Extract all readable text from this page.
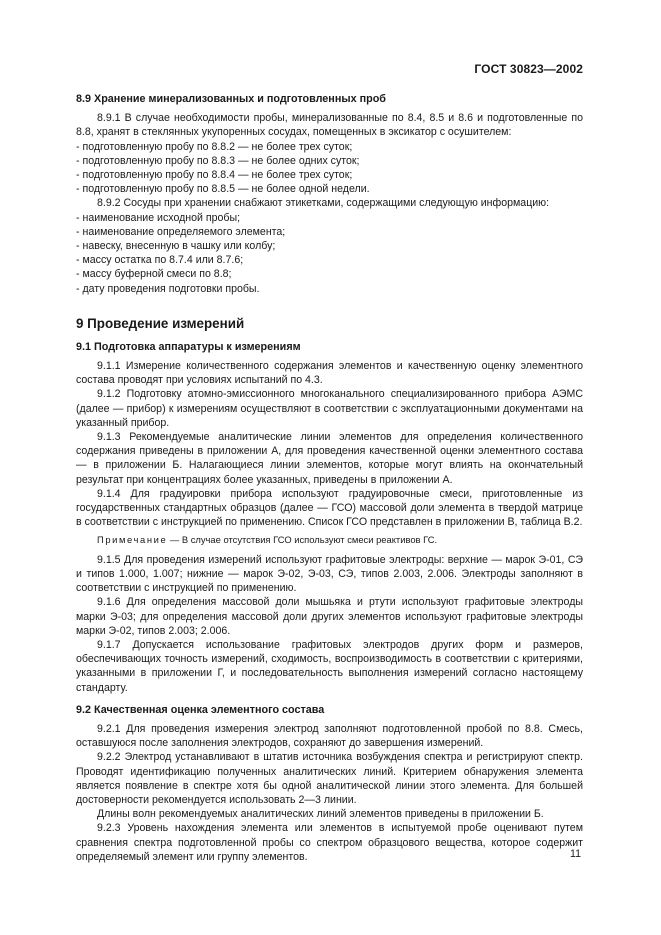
ГОСТ 30823—2002

8.9 Хранение минерализованных и подготовленных проб

8.9.1 В случае необходимости пробы, минерализованные по 8.4, 8.5 и 8.6 и подготовленные по 8.8, хранят в стеклянных укупоренных сосудах, помещенных в эксикатор с осушителем:

- подготовленную пробу по 8.8.2 — не более трех суток;

- подготовленную пробу по 8.8.3 — не более одних суток;

- подготовленную пробу по 8.8.4 — не более трех суток;

- подготовленную пробу по 8.8.5 — не более одной недели.

8.9.2 Сосуды при хранении снабжают этикетками, содержащими следующую информацию:

- наименование исходной пробы;

- наименование определяемого элемента;

- навеску, внесенную в чашку или колбу;

- массу остатка по 8.7.4 или 8.7.6;

- массу буферной смеси по 8.8;

- дату проведения подготовки пробы.

9 Проведение измерений

9.1 Подготовка аппаратуры к измерениям

9.1.1 Измерение количественного содержания элементов и качественную оценку элементного состава проводят при условиях испытаний по 4.3.

9.1.2 Подготовку атомно-эмиссионного многоканального специализированного прибора АЭМС (далее — прибор) к измерениям осуществляют в соответствии с эксплуатационными документами на указанный прибор.

9.1.3 Рекомендуемые аналитические линии элементов для определения количественного содержания приведены в приложении А, для проведения качественной оценки элементного состава — в приложении Б. Налагающиеся линии элементов, которые могут влиять на окончательный результат при концентрациях более указанных, приведены в приложении А.

9.1.4 Для градуировки прибора используют градуировочные смеси, приготовленные из государственных стандартных образцов (далее — ГСО) массовой доли элемента в твердой матрице в соответствии с инструкцией по применению. Список ГСО представлен в приложении В, таблица В.2.

Примечание — В случае отсутствия ГСО используют смеси реактивов ГС.

9.1.5 Для проведения измерений используют графитовые электроды: верхние — марок Э-01, СЭ и типов 1.000, 1.007; нижние — марок Э-02, Э-03, СЭ, типов 2.003, 2.006. Электроды заполняют в соответствии с инструкцией по применению.

9.1.6 Для определения массовой доли мышьяка и ртути используют графитовые электроды марки Э-03; для определения массовой доли других элементов используют графитовые электроды марки Э-02, типов 2.003; 2.006.

9.1.7 Допускается использование графитовых электродов других форм и размеров, обеспечивающих точность измерений, сходимость, воспроизводимость в соответствии с критериями, указанными в приложении Г, и последовательность выполнения измерений согласно настоящему стандарту.

9.2 Качественная оценка элементного состава

9.2.1 Для проведения измерения электрод заполняют подготовленной пробой по 8.8. Смесь, оставшуюся после заполнения электродов, сохраняют до завершения измерений.

9.2.2 Электрод устанавливают в штатив источника возбуждения спектра и регистрируют спектр. Проводят идентификацию полученных аналитических линий. Критерием обнаружения элемента является появление в спектре хотя бы одной аналитической линии этого элемента. Для большей достоверности рекомендуется использовать 2—3 линии.

Длины волн рекомендуемых аналитических линий элементов приведены в приложении Б.

9.2.3 Уровень нахождения элемента или элементов в испытуемой пробе оценивают путем сравнения спектра подготовленной пробы со спектром образцового вещества, которое содержит определяемый элемент или группу элементов.	11
